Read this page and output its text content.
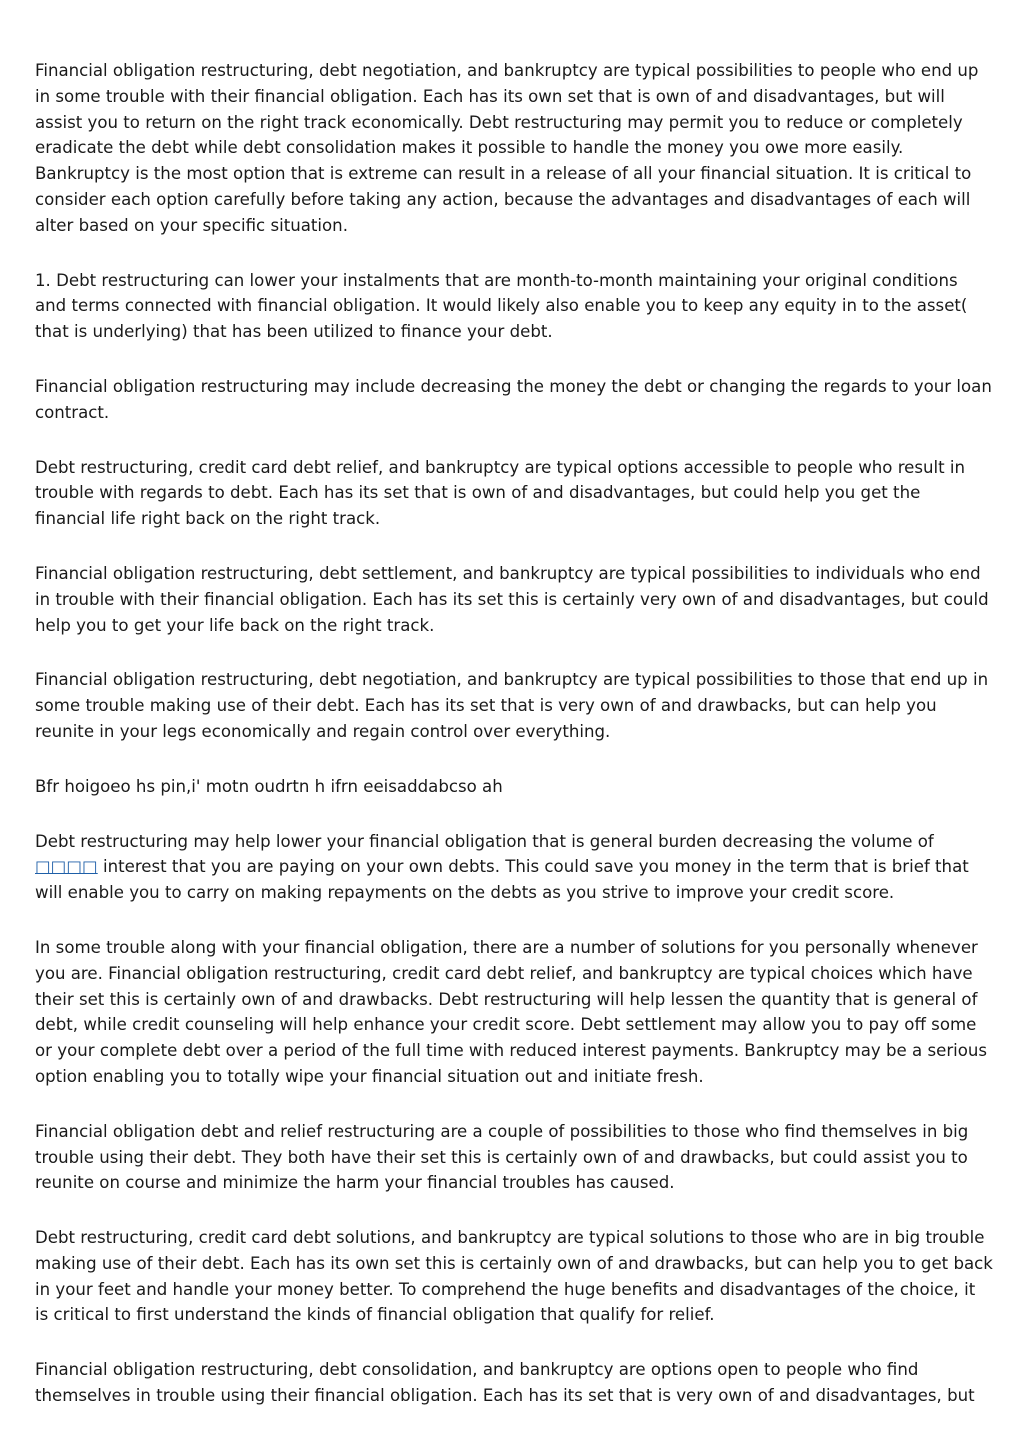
Financial obligation restructuring, debt negotiation, and bankruptcy are typical possibilities to people who end up in some trouble with their financial obligation. Each has its own set that is own of and disadvantages, but will assist you to return on the right track economically. Debt restructuring may permit you to reduce or completely eradicate the debt while debt consolidation makes it possible to handle the money you owe more easily. Bankruptcy is the most option that is extreme can result in a release of all your financial situation. It is critical to consider each option carefully before taking any action, because the advantages and disadvantages of each will alter based on your specific situation.

1. Debt restructuring can lower your instalments that are month-to-month maintaining your original conditions and terms connected with financial obligation. It would likely also enable you to keep any equity in to the asset( that is underlying) that has been utilized to finance your debt.

Financial obligation restructuring may include decreasing the money the debt or changing the regards to your loan contract.

Debt restructuring, credit card debt relief, and bankruptcy are typical options accessible to people who result in trouble with regards to debt. Each has its set that is own of and disadvantages, but could help you get the financial life right back on the right track.

Financial obligation restructuring, debt settlement, and bankruptcy are typical possibilities to individuals who end in trouble with their financial obligation. Each has its set this is certainly very own of and disadvantages, but could help you to get your life back on the right track.

Financial obligation restructuring, debt negotiation, and bankruptcy are typical possibilities to those that end up in some trouble making use of their debt. Each has its set that is very own of and drawbacks, but can help you reunite in your legs economically and regain control over everything.

Bfr hoigoeo hs pin,i' motn oudrtn h ifrn eeisaddabcso ah

Debt restructuring may help lower your financial obligation that is general burden decreasing the volume of □□□□ interest that you are paying on your own debts. This could save you money in the term that is brief that will enable you to carry on making repayments on the debts as you strive to improve your credit score.

In some trouble along with your financial obligation, there are a number of solutions for you personally whenever you are. Financial obligation restructuring, credit card debt relief, and bankruptcy are typical choices which have their set this is certainly own of and drawbacks. Debt restructuring will help lessen the quantity that is general of debt, while credit counseling will help enhance your credit score. Debt settlement may allow you to pay off some or your complete debt over a period of the full time with reduced interest payments. Bankruptcy may be a serious option enabling you to totally wipe your financial situation out and initiate fresh.

Financial obligation debt and relief restructuring are a couple of possibilities to those who find themselves in big trouble using their debt. They both have their set this is certainly own of and drawbacks, but could assist you to reunite on course and minimize the harm your financial troubles has caused.

Debt restructuring, credit card debt solutions, and bankruptcy are typical solutions to those who are in big trouble making use of their debt. Each has its own set this is certainly own of and drawbacks, but can help you to get back in your feet and handle your money better. To comprehend the huge benefits and disadvantages of the choice, it is critical to first understand the kinds of financial obligation that qualify for relief.

Financial obligation restructuring, debt consolidation, and bankruptcy are options open to people who find themselves in trouble using their financial obligation. Each has its set that is very own of and disadvantages, but
